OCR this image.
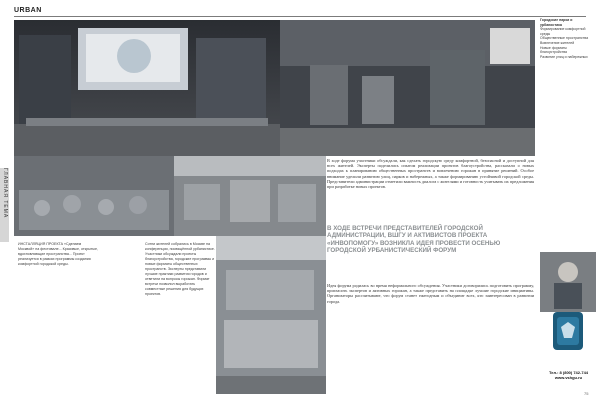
URBAN
ГЛАВНАЯ ТЕМА
ИНСТАЛЛЯЦИЯ ПРОЕКТА «Сделаем Москвой» на фестивале... Красивые, открытые, вдохновляющие пространства... Проект реализуется в рамках программы создания комфортной городской среды.
Сотни жителей собрались в Москве на конференции, посвящённой урбанистике. Участники обсуждали проекты благоустройства, городские программы и новые форматы общественных пространств. Эксперты представили лучшие практики развития городов и ответили на вопросы горожан. Формат встречи позволил выработать совместные решения для будущих проектов.
В ходе форума участники обсуждали, как сделать городскую среду комфортной, безопасной и доступной для всех жителей. Эксперты поделились опытом реализации проектов благоустройства, рассказали о новых подходах к планированию общественных пространств и вовлечению горожан в принятие решений. Особое внимание уделили развитию улиц, парков и набережных, а также формированию устойчивой городской среды. Представители администрации отметили важность диалога с жителями и готовность учитывать их предложения при разработке новых проектов.
В ХОДЕ ВСТРЕЧИ ПРЕДСТАВИТЕЛЕЙ ГОРОДСКОЙ АДМИНИСТРАЦИИ, ВШГУ И АКТИВИСТОВ ПРОЕКТА «ИНВОПОМОГУ» ВОЗНИКЛА ИДЕЯ ПРОВЕСТИ ОСЕНЬЮ ГОРОДСКОЙ УРБАНИСТИЧЕСКИЙ ФОРУМ
Идея форума родилась во время неформального обсуждения. Участники договорились подготовить программу, пригласить экспертов и активных горожан, а также представить на площадке лучшие городские инициативы. Организаторы рассчитывают, что форум станет ежегодным и объединит всех, кто заинтересован в развитии города.
Городские парки и урбанистика
Формирование комфортной среды
Общественные пространства
Вовлечение жителей
Новые форматы благоустройства
Развитие улиц и набережных
Тел.: 8 (800) 742-744
www.vshgu.ru
75
